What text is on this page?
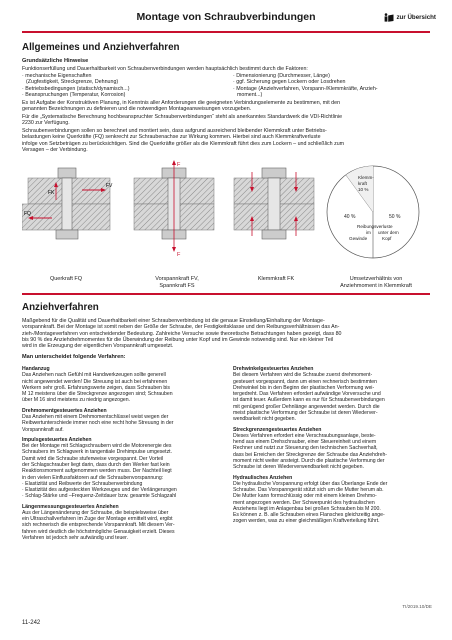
Montage von Schraubverbindungen	zur Übersicht
Allgemeines und Anziehverfahren
Grundsätzliche Hinweise
Funktionserfüllung und Dauerhaltbarkeit von Schraubenverbindungen werden hauptsächlich bestimmt durch die Faktoren:
· mechanische Eigenschaften
(Zugfestigkeit, Streckgrenze, Dehnung)
· Betriebsbedingungen (statisch/dynamisch...)
· Beanspruchungen (Temperatur, Korrosion)
· Dimensionierung (Durchmesser, Länge)
· ggf. Sicherung gegen Lockern oder Losdrehen
· Montage (Anziehverfahren, Vorspann-/Klemmkräfte, Anzieh-
moment...)
Es ist Aufgabe der Konstruktiven Planung, in Kenntnis aller Anforderungen die geeigneten Verbindungselemente zu bestimmen, mit den
genannten Bezeichnungen zu definieren und die notwendigen Montageanweisungen vorzugeben.
Für die „Systematische Berechnung hochbeanspruchter Schraubenverbindungen“ steht als anerkanntes Standardwerk die VDI-Richtlinie
2230 zur Verfügung.
Schraubenverbindungen sollen so berechnet und montiert sein, dass aufgrund ausreichend bleibender Klemmkraft unter Betriebs-
belastungen keine Querkräfte (FQ) senkrecht zur Schraubenachse zur Wirkung kommen. Hierbei sind auch Klemmkraftverluste
infolge von Setzbeträgen zu berücksichtigen. Sind die Querkräfte größer als die Klemmkraft führt dies zum Lockern – und schließlich zum
Versagen – der Verbindung.
FV
FK
FQ
F
F
Klemm-
kraft
10 %
40 %	50 %
Reibungsverluste
im
Gewinde
unter dem
Kopf
Querkraft FQ	Vorspannkraft FV,
Spannkraft FS
Klemmkraft FK	Umsetzverhältnis von
Anziehmoment in Klemmkraft
Anziehverfahren
Maßgebend für die Qualität und Dauerhaltbarkeit einer Schraubenverbindung ist die genaue Einstellung/Einhaltung der Montage-
vorspannkraft. Bei der Montage ist somit neben der Größe der Schraube, der Festigkeitsklasse und den Reibungsverhältnissen das An-
zieh-/Montageverfahren von entscheidender Bedeutung. Zahlreiche Versuche sowie theoretische Betrachtungen haben gezeigt, dass 80
bis 90 % des Anziehdrehmomentes für die Überwindung der Reibung unter Kopf und im Gewinde notwendig sind. Nur ein kleiner Teil
wird in die Erzeugung der eigentlichen Vorspannkraft umgesetzt.
Man unterscheidet folgende Verfahren:
Handanzug
Das Anziehen nach Gefühl mit Handwerkzeugen sollte generell
nicht angewendet werden! Die Streuung ist auch bei erfahrenen
Werkern sehr groß. Erfahrungswerte zeigen, dass Schrauben bis
M 12 meistens über die Streckgrenze angezogen sind; Schrauben
über M 16 sind meistens zu niedrig angezogen.
Drehmomentgesteuertes Anziehen
Das Anziehen mit einem Drehmomentschlüssel weist wegen der
Reibwertunterschiede immer noch eine recht hohe Streuung in der
Vorspannkraft auf.
Impulsgesteuertes Anziehen
Bei der Montage mit Schlagschraubern wird die Motorenergie des
Schraubers im Schlagwerk in tangentiale Drehimpulse umgesetzt.
Damit wird die Schraube stufenweise vorgespannt. Der Vorteil
der Schlagschrauber liegt darin, dass durch den Werker fast kein
Reaktionsmoment aufgenommen werden muss. Der Nachteil liegt
in den vielen Einflussfaktoren auf die Schraubenvorspannung:
· Elastizität und Reibwerte der Schraubenverbindung
· Elastizität des aufgesteckten Werkzeuges und der Verlängerungen
· Schlag-Stärke und –Frequenz-Zeitdauer bzw. gesamte Schlagzahl
Längenmessungsgesteuertes Anziehen
Aus der Längenänderung der Schraube, die beispielsweise über
ein Ultraschallverfahren im Zuge der Montage ermittelt wird, ergibt
sich rechnerisch die entsprechende Vorspannkraft. Mit diesem Ver-
fahren wird deutlich die höchstmögliche Genauigkeit erzielt. Dieses
Verfahren ist jedoch sehr aufwändig und teuer.
Drehwinkelgesteuertes Anziehen
Bei diesem Verfahren wird die Schraube zuerst drehmoment-
gesteuert vorgespannt, dann um einen rechnerisch bestimmten
Drehwinkel bis in den Beginn der plastischen Verformung wei-
tergedreht. Das Verfahren erfordert aufwändige Vorversuche und
ist damit teuer. Außerdem kann es nur für Schraubenverbindungen
mit genügend großer Dehnlänge angewendet werden. Durch die
meist plastische Verformung der Schraube ist deren Wiederver-
wendbarkeit nicht gegeben.
Streckgrenzengesteuertes Anziehen
Dieses Verfahren erfordert eine Verschraubungsanlage, beste-
hend aus einem Drehschrauber, einer Steuereinheit und einem
Rechner und nutzt zur Steuerung den technischen Sachverhalt,
dass bei Erreichen der Streckgrenze der Schraube das Anziehdreh-
moment nicht weiter ansteigt. Durch die plastische Verformung der
Schraube ist deren Wiederverwendbarkeit nicht gegeben.
Hydraulisches Anziehen
Die hydraulische Vorspannung erfolgt über das Überlange Ende der
Schraube. Das Vorspanngerät stützt sich um die Mutter herum ab.
Die Mutter kann formschlüssig oder mit einem kleinen Drehmo-
ment angezogen werden. Der Schwerpunkt des hydraulischen
Anziehens liegt im Anlagenbau bei großen Schrauben bis M 200.
Es können z. B. alle Schrauben eines Flansches gleichzeitig ange-
zogen werden, was zu einer gleichmäßigen Kraftverteilung führt.
TI/2019.10/DE
11-242
